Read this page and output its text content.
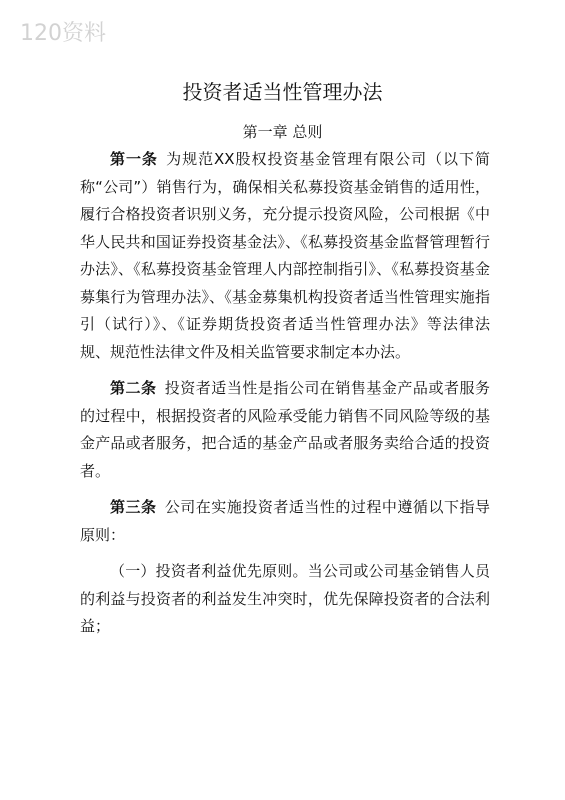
120资料
投资者适当性管理办法
第一章 总则

第一条 为规范XX股权投资基金管理有限公司（以下简称“公司”）销售行为，确保相关私募投资基金销售的适用性，履行合格投资者识别义务，充分提示投资风险，公司根据《中华人民共和国证券投资基金法》、《私募投资基金监督管理暂行办法》、《私募投资基金管理人内部控制指引》、《私募投资基金募集行为管理办法》、《基金募集机构投资者适当性管理实施指引（试行）》、《证券期货投资者适当性管理办法》等法律法规、规范性法律文件及相关监管要求制定本办法。

第二条 投资者适当性是指公司在销售基金产品或者服务的过程中，根据投资者的风险承受能力销售不同风险等级的基金产品或者服务，把合适的基金产品或者服务卖给合适的投资者。

第三条 公司在实施投资者适当性的过程中遵循以下指导原则：

（一）投资者利益优先原则。当公司或公司基金销售人员的利益与投资者的利益发生冲突时，优先保障投资者的合法利益；
